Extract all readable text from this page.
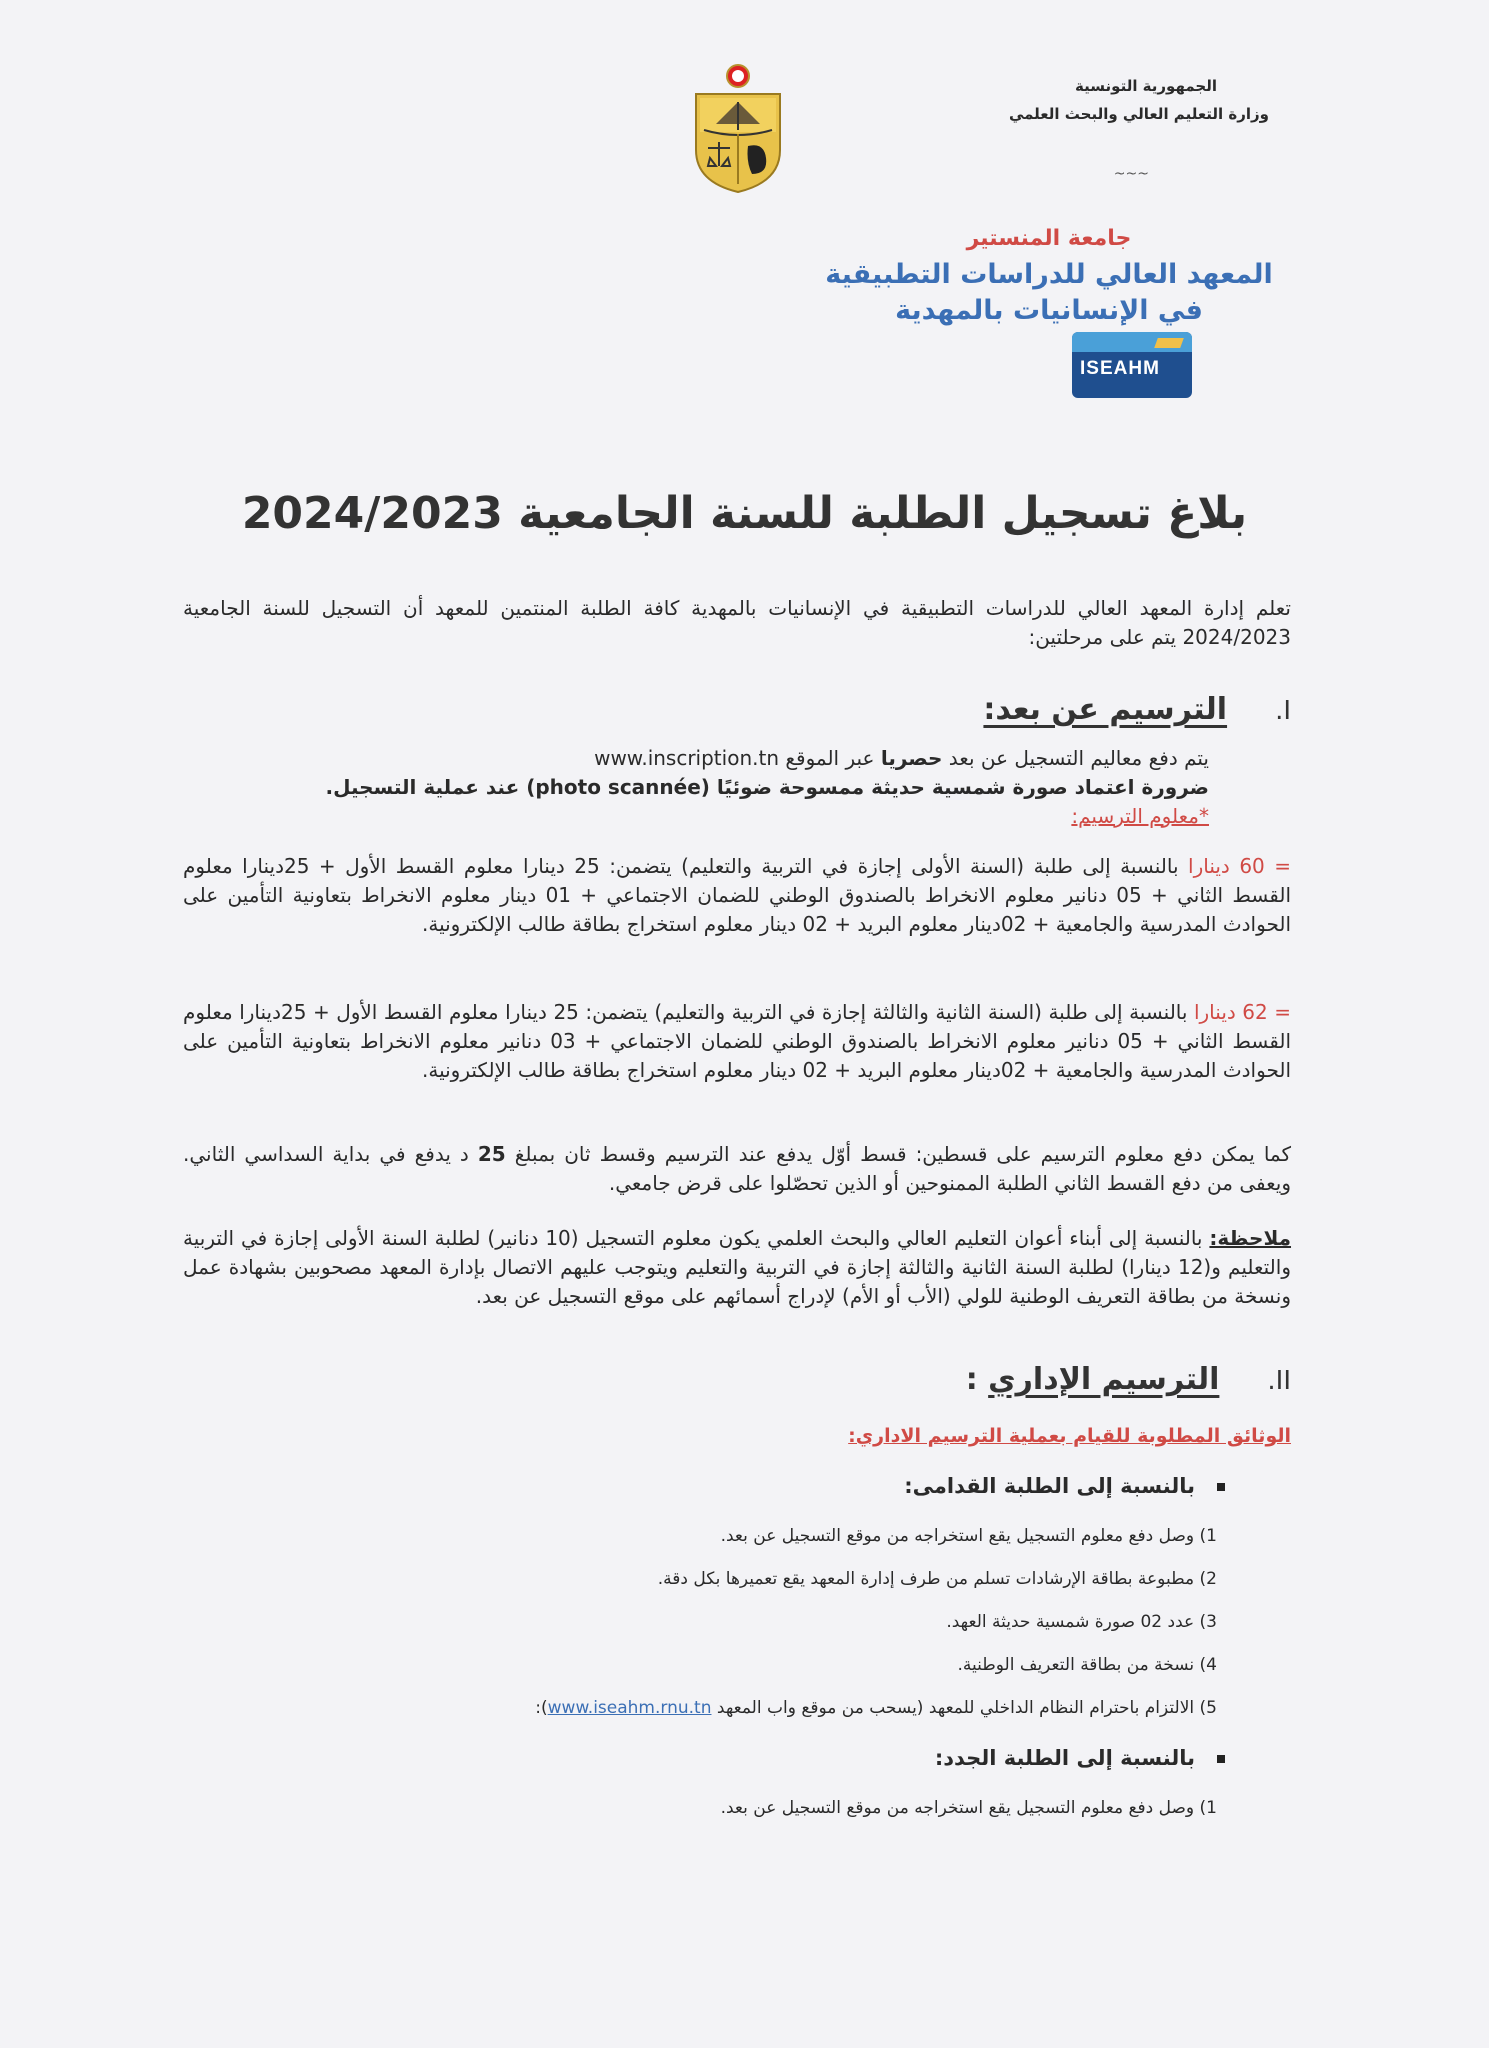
الجمهورية التونسية
وزارة التعليم العالي والبحث العلمي
~~~
جامعة المنستير
المعهد العالي للدراسات التطبيقية
في الإنسانيات بالمهدية
ISEAHM
بلاغ تسجيل الطلبة للسنة الجامعية 2024/2023
تعلم إدارة المعهد العالي للدراسات التطبيقية في الإنسانيات بالمهدية كافة الطلبة المنتمين للمعهد أن التسجيل للسنة الجامعية 2024/2023 يتم على مرحلتين:
I.الترسيم عن بعد:
يتم دفع معاليم التسجيل عن بعد حصريا عبر الموقع www.inscription.tn
ضرورة اعتماد صورة شمسية حديثة ممسوحة ضوئيًا (photo scannée) عند عملية التسجيل.
*معلوم الترسيم:
= 60 دينارا بالنسبة إلى طلبة (السنة الأولى إجازة في التربية والتعليم) يتضمن: 25 دينارا معلوم القسط الأول + 25دينارا معلوم القسط الثاني + 05 دنانير معلوم الانخراط بالصندوق الوطني للضمان الاجتماعي + 01 دينار معلوم الانخراط بتعاونية التأمين على الحوادث المدرسية والجامعية + 02دينار معلوم البريد + 02 دينار معلوم استخراج بطاقة طالب الإلكترونية.
= 62 دينارا بالنسبة إلى طلبة (السنة الثانية والثالثة إجازة في التربية والتعليم) يتضمن: 25 دينارا معلوم القسط الأول + 25دينارا معلوم القسط الثاني + 05 دنانير معلوم الانخراط بالصندوق الوطني للضمان الاجتماعي + 03 دنانير معلوم الانخراط بتعاونية التأمين على الحوادث المدرسية والجامعية + 02دينار معلوم البريد + 02 دينار معلوم استخراج بطاقة طالب الإلكترونية.
كما يمكن دفع معلوم الترسيم على قسطين: قسط أوّل يدفع عند الترسيم وقسط ثان بمبلغ 25 د يدفع في بداية السداسي الثاني. ويعفى من دفع القسط الثاني الطلبة الممنوحين أو الذين تحصّلوا على قرض جامعي.
ملاحظة: بالنسبة إلى أبناء أعوان التعليم العالي والبحث العلمي يكون معلوم التسجيل (10 دنانير) لطلبة السنة الأولى إجازة في التربية والتعليم و(12 دينارا) لطلبة السنة الثانية والثالثة إجازة في التربية والتعليم ويتوجب عليهم الاتصال بإدارة المعهد مصحوبين بشهادة عمل ونسخة من بطاقة التعريف الوطنية للولي (الأب أو الأم) لإدراج أسمائهم على موقع التسجيل عن بعد.
II.الترسيم الإداري :
الوثائق المطلوبة للقيام بعملية الترسيم الاداري:
بالنسبة إلى الطلبة القدامى:
1) وصل دفع معلوم التسجيل يقع استخراجه من موقع التسجيل عن بعد.
2) مطبوعة بطاقة الإرشادات تسلم من طرف إدارة المعهد يقع تعميرها بكل دقة.
3) عدد 02 صورة شمسية حديثة العهد.
4) نسخة من بطاقة التعريف الوطنية.
5) الالتزام باحترام النظام الداخلي للمعهد (يسحب من موقع واب المعهد www.iseahm.rnu.tn):
بالنسبة إلى الطلبة الجدد:
1) وصل دفع معلوم التسجيل يقع استخراجه من موقع التسجيل عن بعد.
